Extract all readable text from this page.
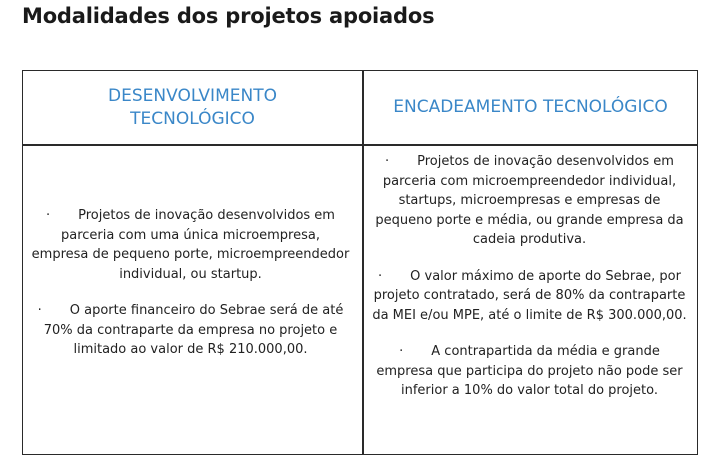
Modalidades dos projetos apoiados
DESENVOLVIMENTO TECNOLÓGICO
ENCADEAMENTO TECNOLÓGICO
· Projetos de inovação desenvolvidos em parceria com uma única microempresa, empresa de pequeno porte, microempreendedor individual, ou startup.
· O aporte financeiro do Sebrae será de até 70% da contraparte da empresa no projeto e limitado ao valor de R$ 210.000,00.
· Projetos de inovação desenvolvidos em parceria com microempreendedor individual, startups, microempresas e empresas de pequeno porte e média, ou grande empresa da cadeia produtiva.
· O valor máximo de aporte do Sebrae, por projeto contratado, será de 80% da contraparte da MEI e/ou MPE, até o limite de R$ 300.000,00.
· A contrapartida da média e grande empresa que participa do projeto não pode ser inferior a 10% do valor total do projeto.
